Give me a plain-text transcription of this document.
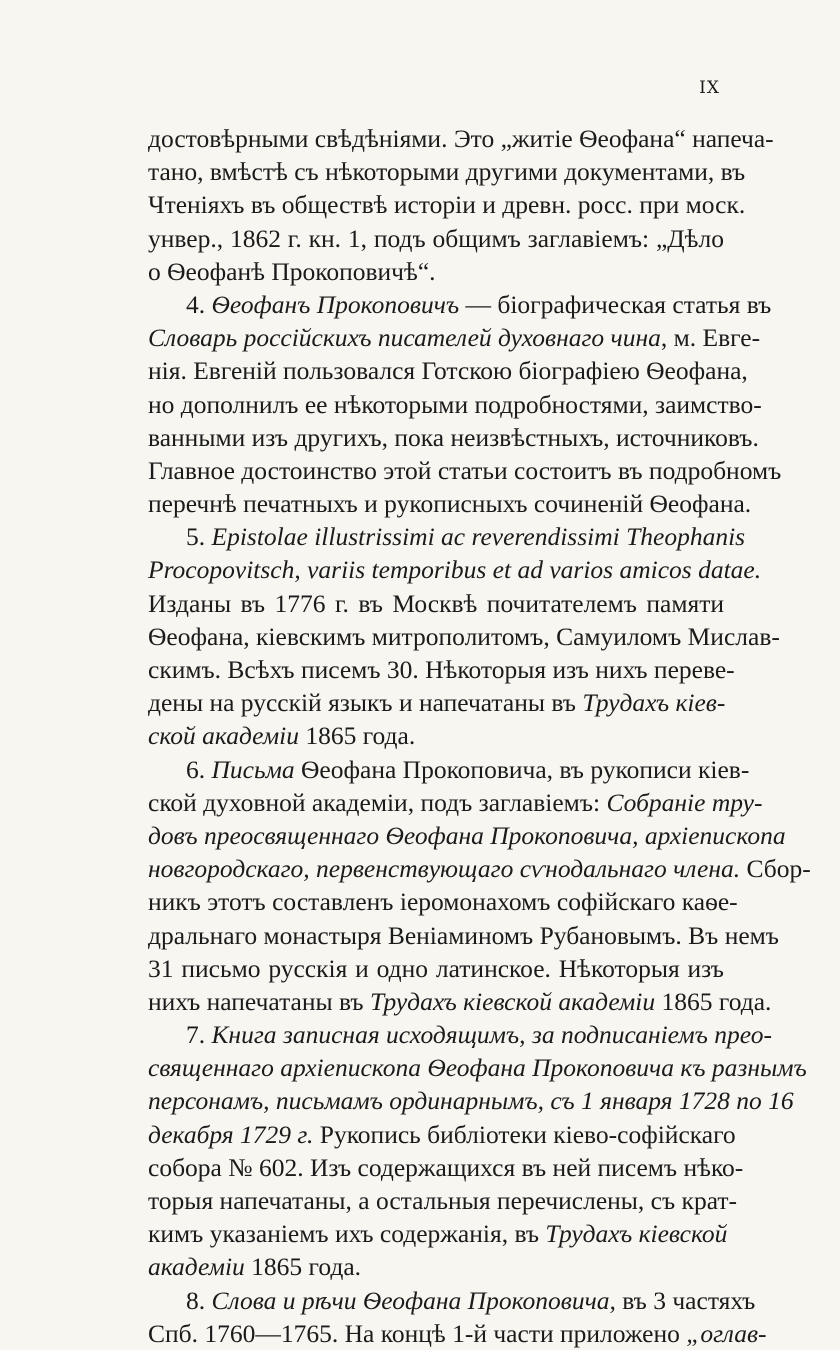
IX
достовѣрными свѣдѣніями. Это „житіе Ѳеофана“ напеча-
тано, вмѣстѣ съ нѣкоторыми другими документами, въ
Чтеніяхъ въ обществѣ исторіи и древн. росс. при моск.
унвер., 1862 г. кн. 1, подъ общимъ заглавіемъ: „Дѣло
о Ѳеофанѣ Прокоповичѣ“.
4. Ѳеофанъ Прокоповичъ — біографическая статья въ
Словарь россійскихъ писателей духовнаго чина, м. Евге-
нія. Евгеній пользовался Готскою біографіею Ѳеофана,
но дополнилъ ее нѣкоторыми подробностями, заимство-
ванными изъ другихъ, пока неизвѣстныхъ, источниковъ.
Главное достоинство этой статьи состоитъ въ подробномъ
перечнѣ печатныхъ и рукописныхъ сочиненій Ѳеофана.
5. Epistolae illustrissimi ac reverendissimi Theophanis
Procopovitsch, variis temporibus et ad varios amicos datae.
Изданы въ 1776 г. въ Москвѣ почитателемъ памяти
Ѳеофана, кіевскимъ митрополитомъ, Самуиломъ Мислав-
скимъ. Всѣхъ писемъ 30. Нѣкоторыя изъ нихъ переве-
дены на русскій языкъ и напечатаны въ Трудахъ кіев-
ской академіи 1865 года.
6. Письма Ѳеофана Прокоповича, въ рукописи кіев-
ской духовной академіи, подъ заглавіемъ: Собраніе тру-
довъ преосвященнаго Ѳеофана Прокоповича, архіепископа
новгородскаго, первенствующаго сѵнодальнаго члена. Сбор-
никъ этотъ составленъ іеромонахомъ софійскаго каѳе-
дральнаго монастыря Веніаминомъ Рубановымъ. Въ немъ
31 письмо русскія и одно латинское. Нѣкоторыя изъ
нихъ напечатаны въ Трудахъ кіевской академіи 1865 года.
7. Книга записная исходящимъ, за подписаніемъ прео-
священнаго архіепископа Ѳеофана Прокоповича къ разнымъ
персонамъ, письмамъ ординарнымъ, съ 1 января 1728 по 16
декабря 1729 г. Рукопись библіотеки кіево-софійскаго
собора № 602. Изъ содержащихся въ ней писемъ нѣко-
торыя напечатаны, а остальныя перечислены, съ крат-
кимъ указаніемъ ихъ содержанія, въ Трудахъ кіевской
академіи 1865 года.
8. Слова и рѣчи Ѳеофана Прокоповича, въ 3 частяхъ
Спб. 1760—1765. На концѣ 1-й части приложено „оглав-
